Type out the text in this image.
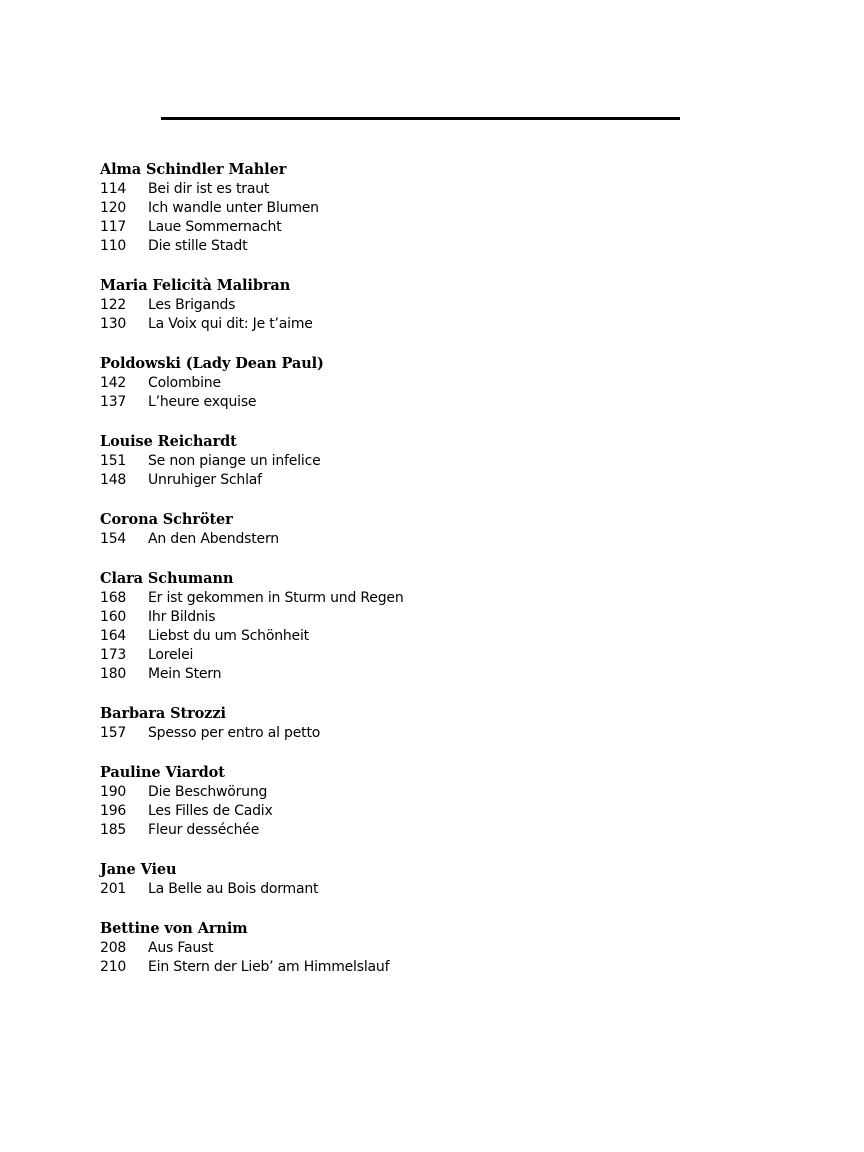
Alma Schindler Mahler
114	Bei dir ist es traut
120	Ich wandle unter Blumen
117	Laue Sommernacht
110	Die stille Stadt
Maria Felicità Malibran
122	Les Brigands
130	La Voix qui dit: Je t’aime
Poldowski (Lady Dean Paul)
142	Colombine
137	L’heure exquise
Louise Reichardt
151	Se non piange un infelice
148	Unruhiger Schlaf
Corona Schröter
154	An den Abendstern
Clara Schumann
168	Er ist gekommen in Sturm und Regen
160	Ihr Bildnis
164	Liebst du um Schönheit
173	Lorelei
180	Mein Stern
Barbara Strozzi
157	Spesso per entro al petto
Pauline Viardot
190	Die Beschwörung
196	Les Filles de Cadix
185	Fleur desséchée
Jane Vieu
201	La Belle au Bois dormant
Bettine von Arnim
208	Aus Faust
210	Ein Stern der Lieb’ am Himmelslauf
